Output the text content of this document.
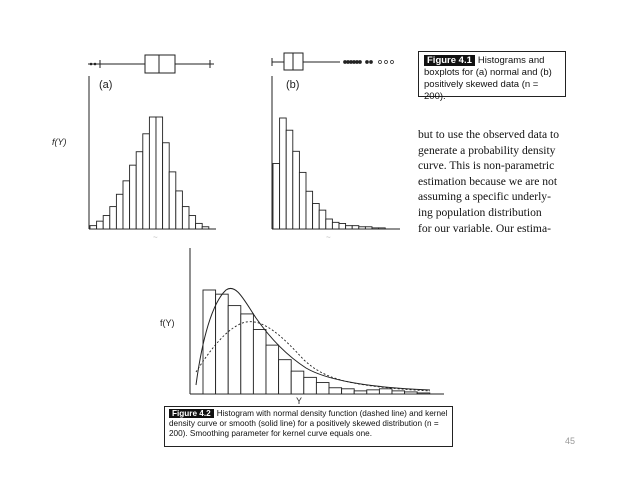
(a)
f(Y)
~
(b)
~
f(Y)
Y
Figure 4.1 Histograms and boxplots for (a) normal and (b) positively skewed data (n = 200).
but to use the observed data to
generate a probability density
curve. This is non-parametric
estimation because we are not
assuming a specific underly-
ing population distribution
for our variable. Our estima-
Figure 4.2 Histogram with normal density function (dashed line) and kernel density curve or smooth (solid line) for a positively skewed distribution (n = 200). Smoothing parameter for kernel curve equals one.
45
